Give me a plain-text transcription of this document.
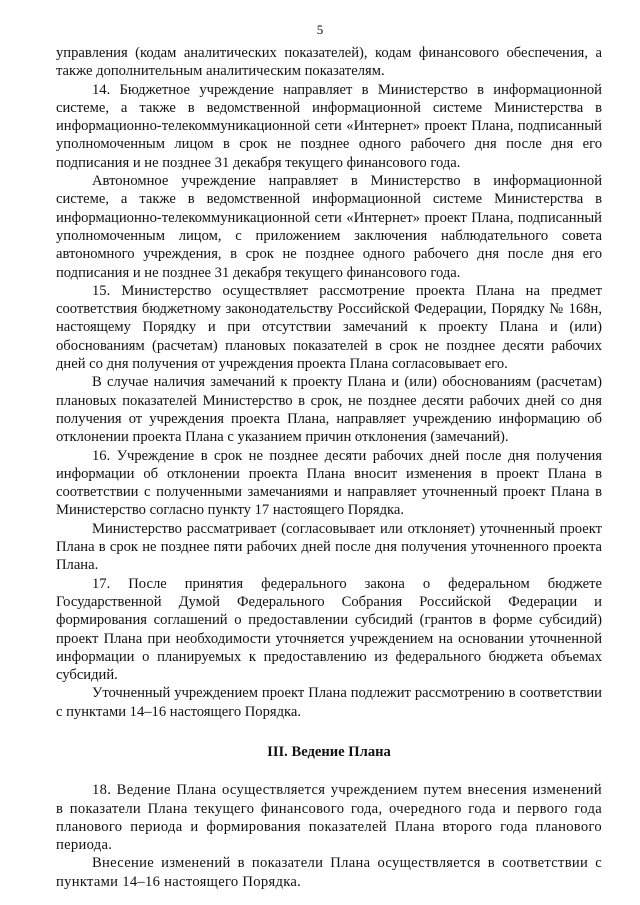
5

управления (кодам аналитических показателей), кодам финансового обеспечения, а также дополнительным аналитическим показателям.

14. Бюджетное учреждение направляет в Министерство в информационной системе, а также в ведомственной информационной системе Министерства в информационно-телекоммуникационной сети «Интернет» проект Плана, подписанный уполномоченным лицом в срок не позднее одного рабочего дня после дня его подписания и не позднее 31 декабря текущего финансового года.

Автономное учреждение направляет в Министерство в информационной системе, а также в ведомственной информационной системе Министерства в информационно-телекоммуникационной сети «Интернет» проект Плана, подписанный уполномоченным лицом, с приложением заключения наблюдательного совета автономного учреждения, в срок не позднее одного рабочего дня после дня его подписания и не позднее 31 декабря текущего финансового года.

15. Министерство осуществляет рассмотрение проекта Плана на предмет соответствия бюджетному законодательству Российской Федерации, Порядку № 168н, настоящему Порядку и при отсутствии замечаний к проекту Плана и (или) обоснованиям (расчетам) плановых показателей в срок не позднее десяти рабочих дней со дня получения от учреждения проекта Плана согласовывает его.

В случае наличия замечаний к проекту Плана и (или) обоснованиям (расчетам) плановых показателей Министерство в срок, не позднее десяти рабочих дней со дня получения от учреждения проекта Плана, направляет учреждению информацию об отклонении проекта Плана с указанием причин отклонения (замечаний).

16. Учреждение в срок не позднее десяти рабочих дней после дня получения информации об отклонении проекта Плана вносит изменения в проект Плана в соответствии с полученными замечаниями и направляет уточненный проект Плана в Министерство согласно пункту 17 настоящего Порядка.

Министерство рассматривает (согласовывает или отклоняет) уточненный проект Плана в срок не позднее пяти рабочих дней после дня получения уточненного проекта Плана.

17. После принятия федерального закона о федеральном бюджете Государственной Думой Федерального Собрания Российской Федерации и формирования соглашений о предоставлении субсидий (грантов в форме субсидий) проект Плана при необходимости уточняется учреждением на основании уточненной информации о планируемых к предоставлению из федерального бюджета объемах субсидий.

Уточненный учреждением проект Плана подлежит рассмотрению в соответствии с пунктами 14–16 настоящего Порядка.

III. Ведение Плана

18. Ведение Плана осуществляется учреждением путем внесения изменений в показатели Плана текущего финансового года, очередного года и первого года планового периода и формирования показателей Плана второго года планового периода.

Внесение изменений в показатели Плана осуществляется в соответствии с пунктами 14–16 настоящего Порядка.
